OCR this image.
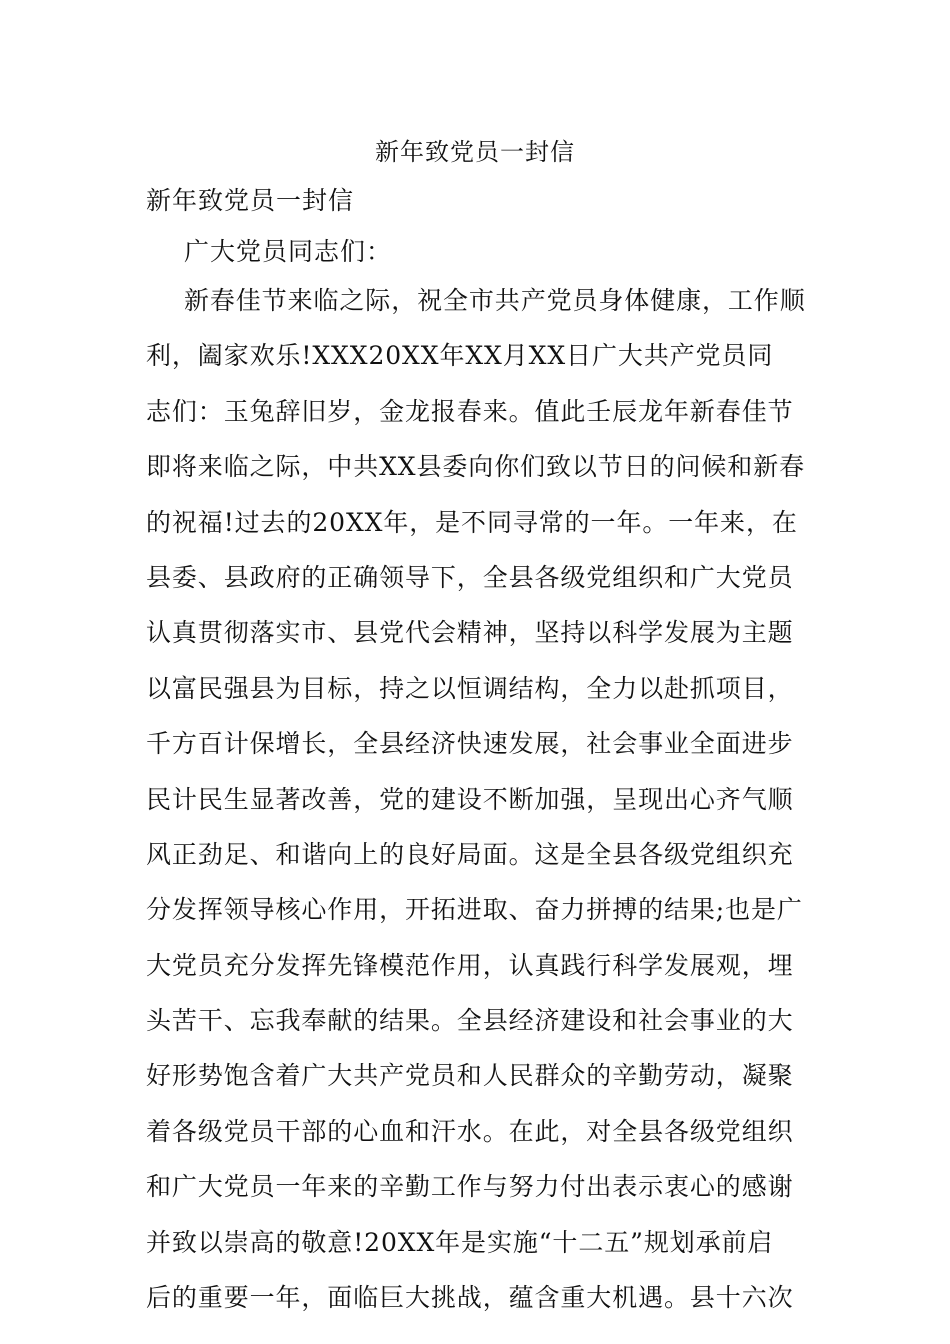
新年致党员一封信
新年致党员一封信
广大党员同志们：
新春佳节来临之际，祝全市共产党员身体健康，工作顺
利，阖家欢乐!XXX20XX年XX月XX日广大共产党员同
志们：玉兔辞旧岁，金龙报春来。值此壬辰龙年新春佳节
即将来临之际，中共XX县委向你们致以节日的问候和新春
的祝福!过去的20XX年，是不同寻常的一年。一年来，在
县委、县政府的正确领导下，全县各级党组织和广大党员
认真贯彻落实市、县党代会精神，坚持以科学发展为主题
以富民强县为目标，持之以恒调结构，全力以赴抓项目，
千方百计保增长，全县经济快速发展，社会事业全面进步
民计民生显著改善，党的建设不断加强，呈现出心齐气顺
风正劲足、和谐向上的良好局面。这是全县各级党组织充
分发挥领导核心作用，开拓进取、奋力拼搏的结果;也是广
大党员充分发挥先锋模范作用，认真践行科学发展观，埋
头苦干、忘我奉献的结果。全县经济建设和社会事业的大
好形势饱含着广大共产党员和人民群众的辛勤劳动，凝聚
着各级党员干部的心血和汗水。在此，对全县各级党组织
和广大党员一年来的辛勤工作与努力付出表示衷心的感谢
并致以崇高的敬意!20XX年是实施“十二五”规划承前启
后的重要一年，面临巨大挑战，蕴含重大机遇。县十六次
